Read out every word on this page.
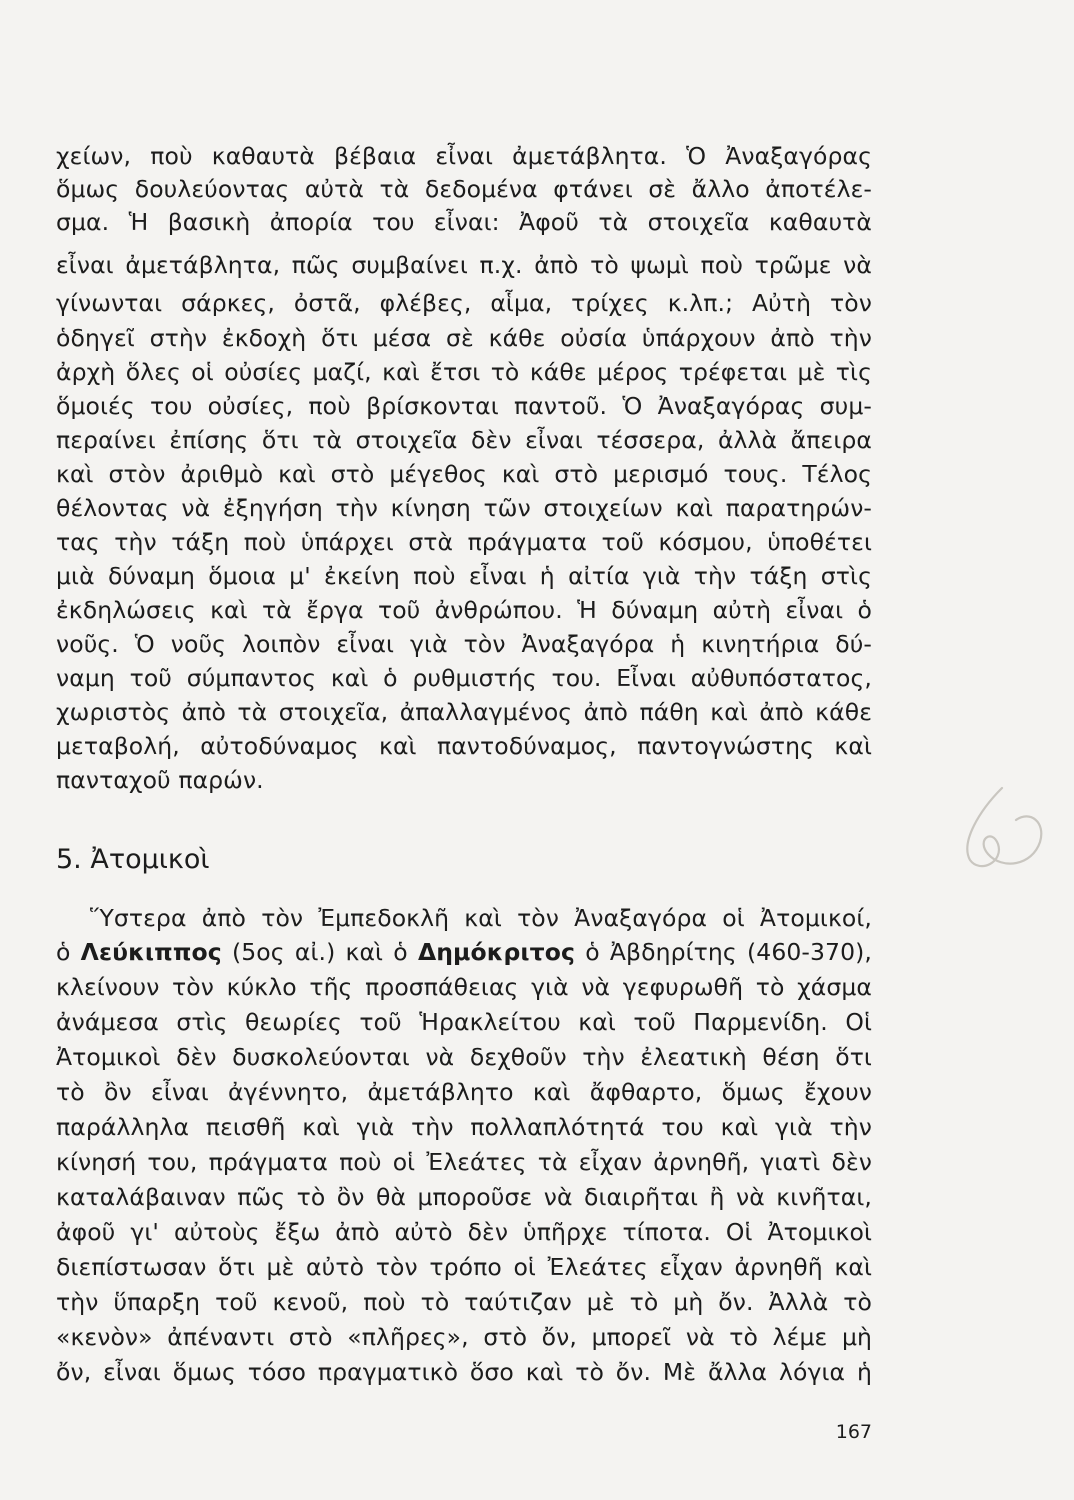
χείων, ποὺ καθαυτὰ βέβαια εἶναι ἀμετάβλητα. Ὁ Ἀναξαγόρας
ὅμως δουλεύοντας αὐτὰ τὰ δεδομένα φτάνει σὲ ἄλλο ἀποτέλε-
σμα. Ἡ βασικὴ ἀπορία του εἶναι: Ἀφοῦ τὰ στοιχεῖα καθαυτὰ
εἶναι ἀμετάβλητα, πῶς συμβαίνει π.χ. ἀπὸ τὸ ψωμὶ ποὺ τρῶμε νὰ
γίνωνται σάρκες, ὀστᾶ, φλέβες, αἷμα, τρίχες κ.λπ.; Αὐτὴ τὸν
ὁδηγεῖ στὴν ἐκδοχὴ ὅτι μέσα σὲ κάθε οὐσία ὑπάρχουν ἀπὸ τὴν
ἀρχὴ ὅλες οἱ οὐσίες μαζί, καὶ ἔτσι τὸ κάθε μέρος τρέφεται μὲ τὶς
ὅμοιές του οὐσίες, ποὺ βρίσκονται παντοῦ. Ὁ Ἀναξαγόρας συμ-
περαίνει ἐπίσης ὅτι τὰ στοιχεῖα δὲν εἶναι τέσσερα, ἀλλὰ ἄπειρα
καὶ στὸν ἀριθμὸ καὶ στὸ μέγεθος καὶ στὸ μερισμό τους. Τέλος
θέλοντας νὰ ἐξηγήση τὴν κίνηση τῶν στοιχείων καὶ παρατηρών-
τας τὴν τάξη ποὺ ὑπάρχει στὰ πράγματα τοῦ κόσμου, ὑποθέτει
μιὰ δύναμη ὅμοια μ' ἐκείνη ποὺ εἶναι ἡ αἰτία γιὰ τὴν τάξη στὶς
ἐκδηλώσεις καὶ τὰ ἔργα τοῦ ἀνθρώπου. Ἡ δύναμη αὐτὴ εἶναι ὁ
νοῦς. Ὁ νοῦς λοιπὸν εἶναι γιὰ τὸν Ἀναξαγόρα ἡ κινητήρια δύ-
ναμη τοῦ σύμπαντος καὶ ὁ ρυθμιστής του. Εἶναι αὐθυπόστατος,
χωριστὸς ἀπὸ τὰ στοιχεῖα, ἀπαλλαγμένος ἀπὸ πάθη καὶ ἀπὸ κάθε
μεταβολή, αὐτοδύναμος καὶ παντοδύναμος, παντογνώστης καὶ
πανταχοῦ παρών.
5. Ἀτομικοὶ
Ὕστερα ἀπὸ τὸν Ἐμπεδοκλῆ καὶ τὸν Ἀναξαγόρα οἱ Ἀτομικοί,
ὁ Λεύκιππος (5ος αἰ.) καὶ ὁ Δημόκριτος ὁ Ἀβδηρίτης (460-370),
κλείνουν τὸν κύκλο τῆς προσπάθειας γιὰ νὰ γεφυρωθῆ τὸ χάσμα
ἀνάμεσα στὶς θεωρίες τοῦ Ἡρακλείτου καὶ τοῦ Παρμενίδη. Οἱ
Ἀτομικοὶ δὲν δυσκολεύονται νὰ δεχθοῦν τὴν ἐλεατικὴ θέση ὅτι
τὸ ὂν εἶναι ἀγέννητο, ἀμετάβλητο καὶ ἄφθαρτο, ὅμως ἔχουν
παράλληλα πεισθῆ καὶ γιὰ τὴν πολλαπλότητά του καὶ γιὰ τὴν
κίνησή του, πράγματα ποὺ οἱ Ἐλεάτες τὰ εἶχαν ἀρνηθῆ, γιατὶ δὲν
καταλάβαιναν πῶς τὸ ὂν θὰ μποροῦσε νὰ διαιρῆται ἢ νὰ κινῆται,
ἀφοῦ γι' αὐτοὺς ἔξω ἀπὸ αὐτὸ δὲν ὑπῆρχε τίποτα. Οἱ Ἀτομικοὶ
διεπίστωσαν ὅτι μὲ αὐτὸ τὸν τρόπο οἱ Ἐλεάτες εἶχαν ἀρνηθῆ καὶ
τὴν ὕπαρξη τοῦ κενοῦ, ποὺ τὸ ταύτιζαν μὲ τὸ μὴ ὄν. Ἀλλὰ τὸ
«κενὸν» ἀπέναντι στὸ «πλῆρες», στὸ ὄν, μπορεῖ νὰ τὸ λέμε μὴ
ὄν, εἶναι ὅμως τόσο πραγματικὸ ὅσο καὶ τὸ ὄν. Μὲ ἄλλα λόγια ἡ
167
